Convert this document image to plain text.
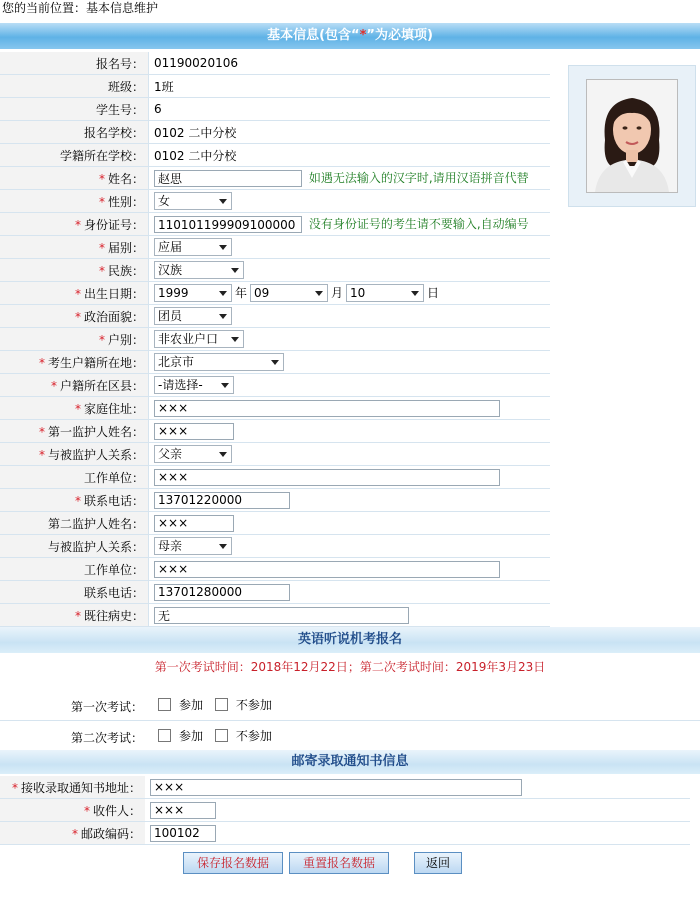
您的当前位置：基本信息维护
基本信息(包含“*”为必填项)
报名号：	01190020106
班级：	1班
学生号：	6
报名学校：	0102 二中分校
学籍所在学校：	0102 二中分校
* 姓名：	赵思如遇无法输入的汉字时,请用汉语拼音代替
* 性别：	女

* 身份证号：	110101199909100000没有身份证号的考生请不要输入,自动编号
* 届别：	应届

* 民族：	汉族

* 出生日期：	1999 年 09 月 10 日
* 政治面貌：	团员

* 户别：	非农业户口

* 考生户籍所在地：	北京市

* 户籍所在区县：	-请选择-

* 家庭住址：	×××
* 第一监护人姓名：	×××
* 与被监护人关系：	父亲

工作单位：	×××
* 联系电话：	13701220000
第二监护人姓名：	×××
与被监护人关系：	母亲

工作单位：	×××
联系电话：	13701280000
* 既往病史：	无
英语听说机考报名
第一次考试时间：2018年12月22日；第二次考试时间：2019年3月23日
第一次考试：	参加	不参加
第二次考试：	参加	不参加
邮寄录取通知书信息
* 接收录取通知书地址：	×××
* 收件人：	×××
* 邮政编码：	100102
保存报名数据	重置报名数据	返回
